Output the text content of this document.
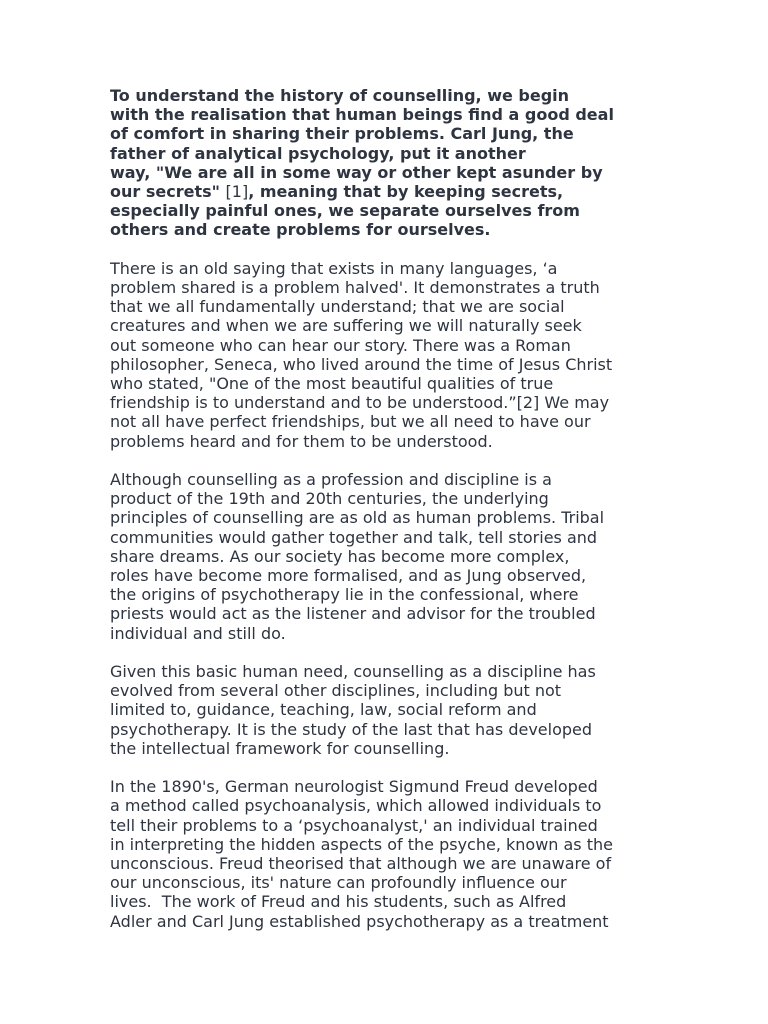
To understand the history of counselling, we begin
with the realisation that human beings find a good deal
of comfort in sharing their problems. Carl Jung, the
father of analytical psychology, put it another
way, "We are all in some way or other kept asunder by
our secrets" [1], meaning that by keeping secrets,
especially painful ones, we separate ourselves from
others and create problems for ourselves.
There is an old saying that exists in many languages, ‘a
problem shared is a problem halved'. It demonstrates a truth
that we all fundamentally understand; that we are social
creatures and when we are suffering we will naturally seek
out someone who can hear our story. There was a Roman
philosopher, Seneca, who lived around the time of Jesus Christ
who stated, "One of the most beautiful qualities of true
friendship is to understand and to be understood.”[2] We may
not all have perfect friendships, but we all need to have our
problems heard and for them to be understood.
Although counselling as a profession and discipline is a
product of the 19th and 20th centuries, the underlying
principles of counselling are as old as human problems. Tribal
communities would gather together and talk, tell stories and
share dreams. As our society has become more complex,
roles have become more formalised, and as Jung observed,
the origins of psychotherapy lie in the confessional, where
priests would act as the listener and advisor for the troubled
individual and still do.
Given this basic human need, counselling as a discipline has
evolved from several other disciplines, including but not
limited to, guidance, teaching, law, social reform and
psychotherapy. It is the study of the last that has developed
the intellectual framework for counselling.
In the 1890's, German neurologist Sigmund Freud developed
a method called psychoanalysis, which allowed individuals to
tell their problems to a ‘psychoanalyst,' an individual trained
in interpreting the hidden aspects of the psyche, known as the
unconscious. Freud theorised that although we are unaware of
our unconscious, its' nature can profoundly influence our
lives.  The work of Freud and his students, such as Alfred
Adler and Carl Jung established psychotherapy as a treatment
